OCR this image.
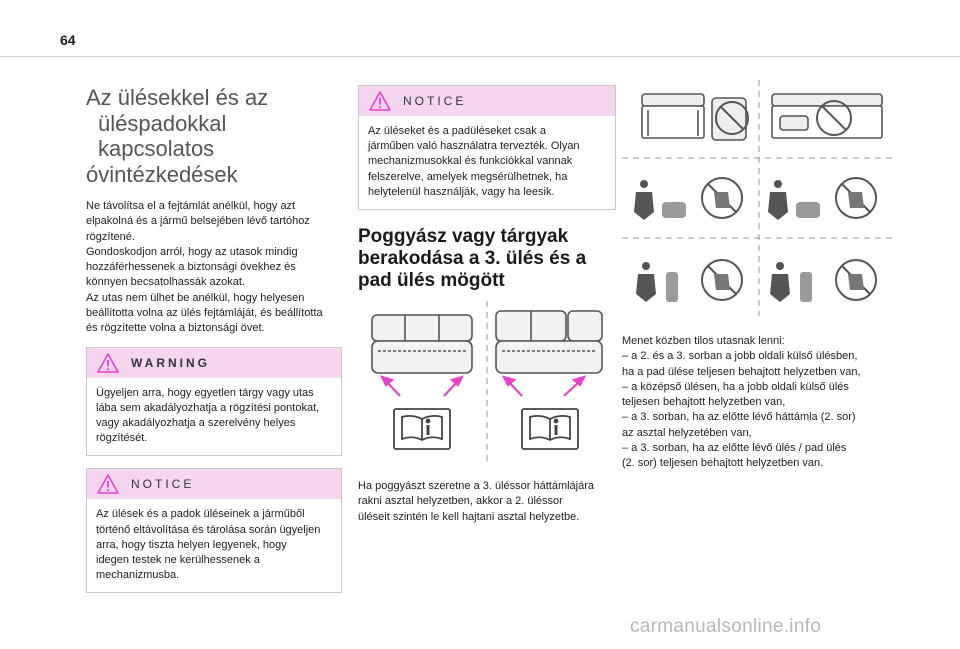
64
Az ülésekkel és az
üléspadokkal kapcsolatos
óvintézkedések
Ne távolítsa el a fejtámlát anélkül, hogy azt
elpakolná és a jármű belsejében lévő tartóhoz
rögzítené.
Gondoskodjon arról, hogy az utasok mindig
hozzáférhessenek a biztonsági övekhez és
könnyen becsatolhassák azokat.
Az utas nem ülhet be anélkül, hogy helyesen
beállította volna az ülés fejtámláját, és beállította
és rögzítette volna a biztonsági övet.
WARNING
Ügyeljen arra, hogy egyetlen tárgy vagy utas
lába sem akadályozhatja a rögzítési pontokat,
vagy akadályozhatja a szerelvény helyes
rögzítését.
NOTICE
Az ülések és a padok üléseinek a járműből
történő eltávolítása és tárolása során ügyeljen
arra, hogy tiszta helyen legyenek, hogy
idegen testek ne kerülhessenek a
mechanizmusba.
NOTICE
Az üléseket és a padüléseket csak a
járműben való használatra tervezték. Olyan
mechanizmusokkal és funkciókkal vannak
felszerelve, amelyek megsérülhetnek, ha
helytelenül használják, vagy ha leesik.
Poggyász vagy tárgyak
berakodása a 3. ülés és a
pad ülés mögött
Ha poggyászt szeretne a 3. üléssor háttámlájára
rakni asztal helyzetben, akkor a 2. üléssor
üléseit szintén le kell hajtani asztal helyzetbe.
Menet közben tilos utasnak lenni:
– a 2. és a 3. sorban a jobb oldali külső ülésben,
ha a pad ülése teljesen behajtott helyzetben van,
– a középső ülésen, ha a jobb oldali külső ülés
teljesen behajtott helyzetben van,
– a 3. sorban, ha az előtte lévő háttámla (2. sor)
az asztal helyzetében van,
– a 3. sorban, ha az előtte lévő ülés / pad ülés
(2. sor) teljesen behajtott helyzetben van.
carmanualsonline.info
